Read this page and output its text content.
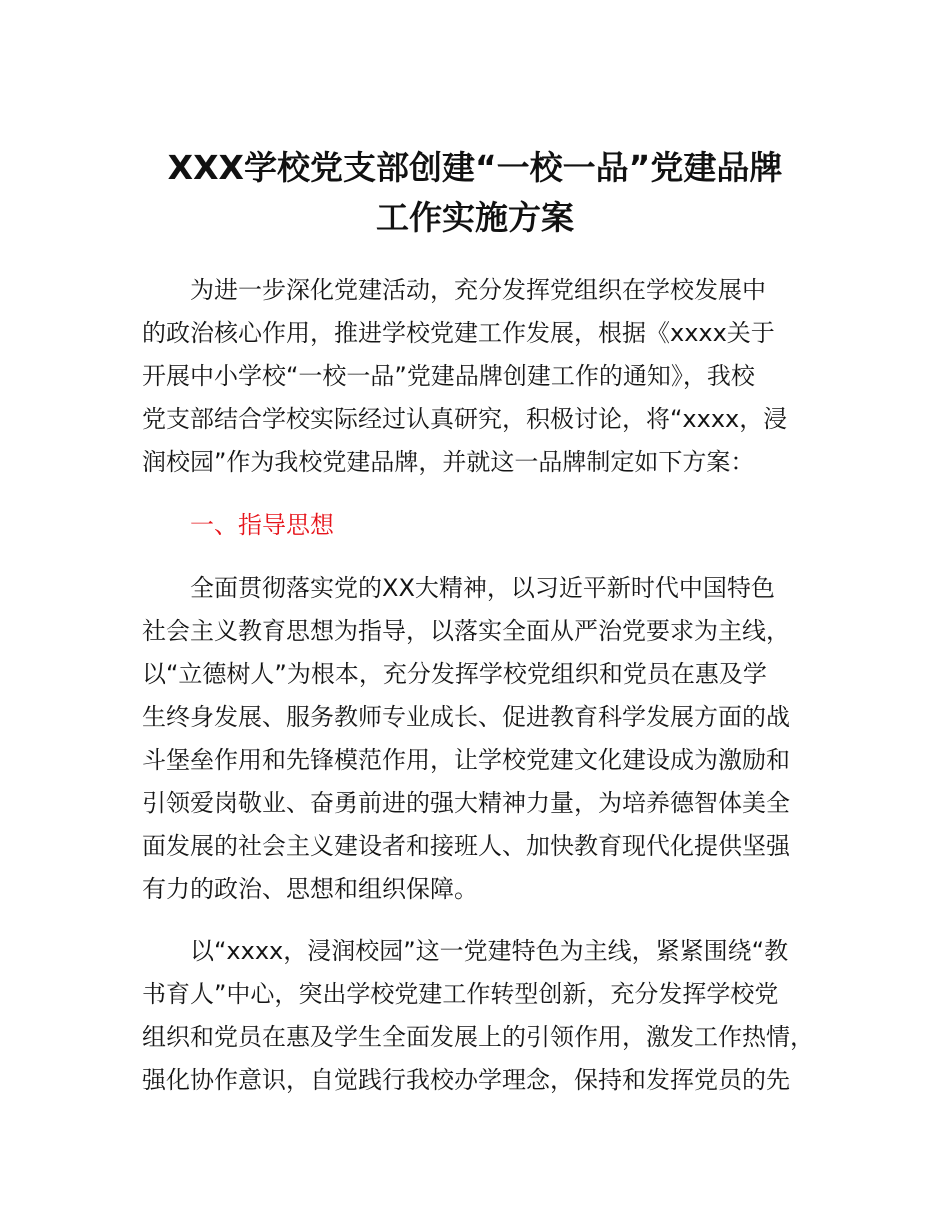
XXX学校党支部创建“一校一品”党建品牌
工作实施方案
为进一步深化党建活动，充分发挥党组织在学校发展中
的政治核心作用，推进学校党建工作发展，根据《xxxx关于
开展中小学校“一校一品”党建品牌创建工作的通知》，我校
党支部结合学校实际经过认真研究，积极讨论，将“xxxx，浸
润校园”作为我校党建品牌，并就这一品牌制定如下方案：
一、指导思想
全面贯彻落实党的XX大精神，以习近平新时代中国特色
社会主义教育思想为指导，以落实全面从严治党要求为主线，
以“立德树人”为根本，充分发挥学校党组织和党员在惠及学
生终身发展、服务教师专业成长、促进教育科学发展方面的战
斗堡垒作用和先锋模范作用，让学校党建文化建设成为激励和
引领爱岗敬业、奋勇前进的强大精神力量，为培养德智体美全
面发展的社会主义建设者和接班人、加快教育现代化提供坚强
有力的政治、思想和组织保障。
以“xxxx，浸润校园”这一党建特色为主线，紧紧围绕“教
书育人”中心，突出学校党建工作转型创新，充分发挥学校党
组织和党员在惠及学生全面发展上的引领作用，激发工作热情，
强化协作意识，自觉践行我校办学理念，保持和发挥党员的先
